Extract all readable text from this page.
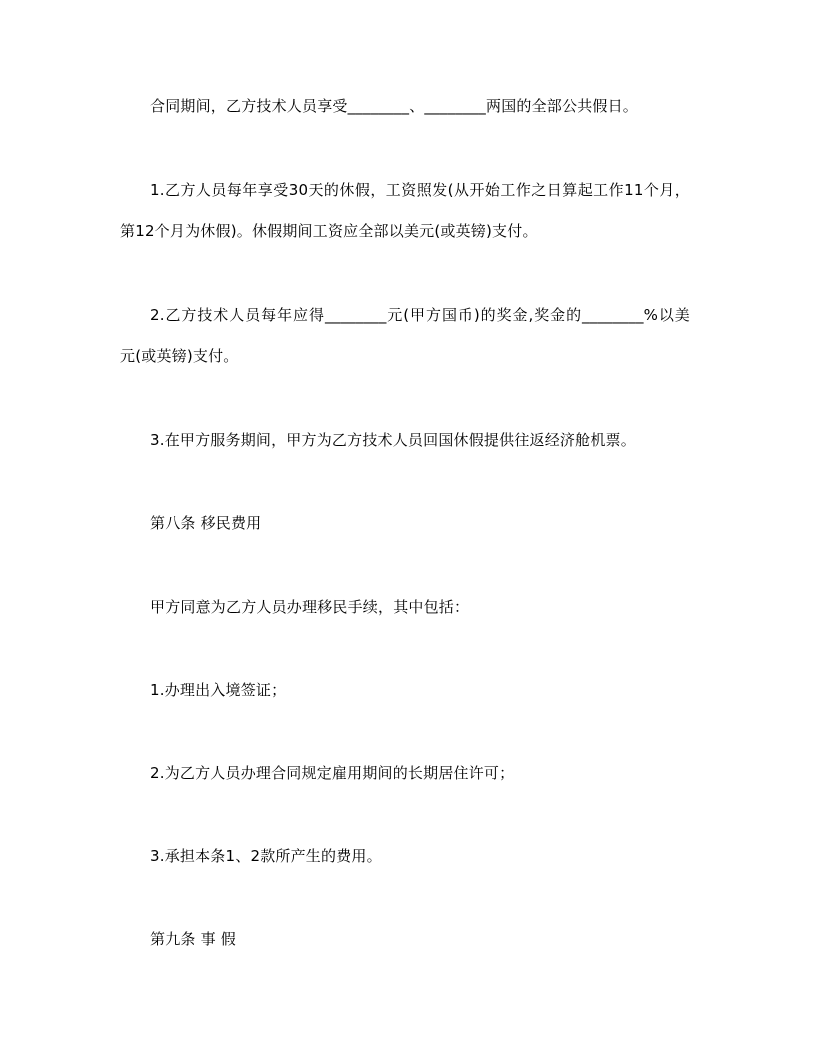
合同期间，乙方技术人员享受________、________两国的全部公共假日。
1.乙方人员每年享受30天的休假，工资照发(从开始工作之日算起工作11个月，
第12个月为休假)。休假期间工资应全部以美元(或英镑)支付。
2.乙方技术人员每年应得________元(甲方国币)的奖金,奖金的________%以美
元(或英镑)支付。
3.在甲方服务期间，甲方为乙方技术人员回国休假提供往返经济舱机票。
第八条 移民费用
甲方同意为乙方人员办理移民手续，其中包括：
1.办理出入境签证；
2.为乙方人员办理合同规定雇用期间的长期居住许可；
3.承担本条1、2款所产生的费用。
第九条 事 假
